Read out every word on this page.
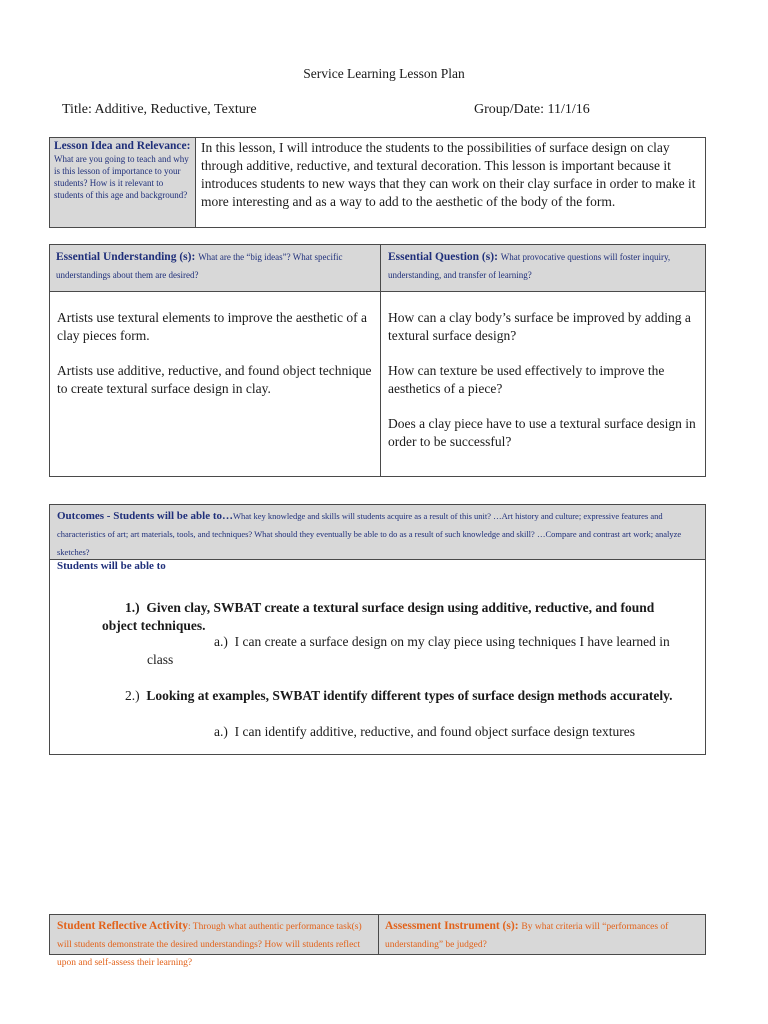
Service Learning Lesson Plan
Title: Additive, Reductive, Texture	Group/Date: 11/1/16
Lesson Idea and Relevance: What are you going to teach and why is this lesson of importance to your students? How is it relevant to students of this age and background?
In this lesson, I will introduce the students to the possibilities of surface design on clay through additive, reductive, and textural decoration. This lesson is important because it introduces students to new ways that they can work on their clay surface in order to make it more interesting and as a way to add to the aesthetic of the body of the form.
Essential Understanding (s): What are the “big ideas”? What specific understandings about them are desired?
Essential Question (s): What provocative questions will foster inquiry, understanding, and transfer of learning?

Artists use textural elements to improve the aesthetic of a clay pieces form.

Artists use additive, reductive, and found object technique to create textural surface design in clay.

How can a clay body’s surface be improved by adding a textural surface design?

How can texture be used effectively to improve the aesthetics of a piece?

Does a clay piece have to use a textural surface design in order to be successful?

Outcomes - Students will be able to…What key knowledge and skills will students acquire as a result of this unit? …Art history and culture; expressive features and characteristics of art; art materials, tools, and techniques? What should they eventually be able to do as a result of such knowledge and skill? …Compare and contrast art work; analyze sketches?
Students will be able to
1.) Given clay, SWBAT create a textural surface design using additive, reductive, and found object techniques.
a.) I can create a surface design on my clay piece using techniques I have learned in class
2.) Looking at examples, SWBAT identify different types of surface design methods accurately.
a.) I can identify additive, reductive, and found object surface design textures
Student Reflective Activity: Through what authentic performance task(s) will students demonstrate the desired understandings? How will students reflect upon and self-assess their learning?
Assessment Instrument (s): By what criteria will “performances of understanding” be judged?
